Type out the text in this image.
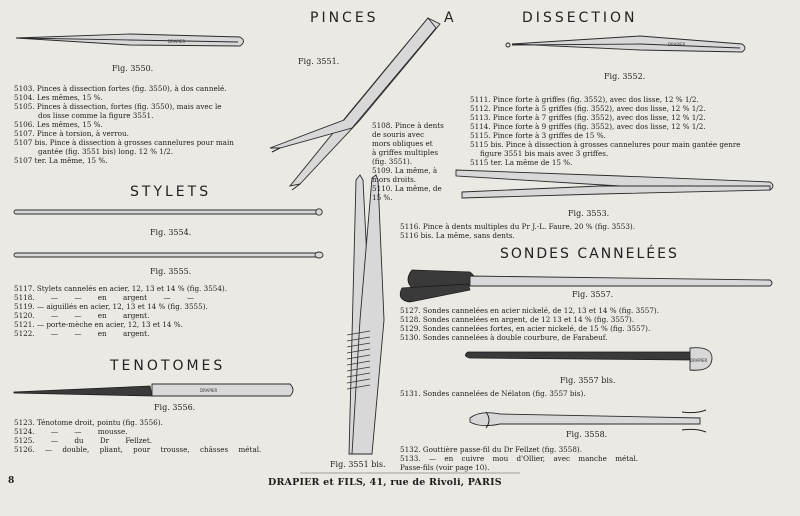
DRAPIER
DRAPIER
DRAPIER
DRAPIER
PINCES A DISSECTION
STYLETS
TENOTOMES
SONDES CANNELÉES
Fig. 3550.
Fig. 3551.
Fig. 3552.
Fig. 3553.
Fig. 3554.
Fig. 3555.
Fig. 3556.
Fig. 3557.
Fig. 3557 bis.
Fig. 3558.
Fig. 3551 bis.
5103. Pinces à dissection fortes (fig. 3550), à dos cannelé.
5104. Les mêmes, 15 %.
5105. Pinces à dissection, fortes (fig. 3550), mais avec le
dos lisse comme la figure 3551.
5106. Les mêmes, 15 %.
5107. Pince à torsion, à verrou.
5107 bis. Pince à dissection à grosses cannelures pour main
gantée (fig. 3551 bis) long. 12 % 1/2.
5107 ter. La même, 15 %.
5108. Pince à dents
de souris avec
mors obliques et
à griffes multiples
(fig. 3551).
5109. La même, à
mors droits.
5110. La même, de
15 %.
5111. Pince forte à griffes (fig. 3552), avec dos lisse, 12 % 1/2.
5112. Pince forte à 5 griffes (fig. 3552), avec dos lisse, 12 % 1/2.
5113. Pince forte à 7 griffes (fig. 3552), avec dos lisse, 12 % 1/2.
5114. Pince forte à 9 griffes (fig. 3552), avec dos lisse, 12 % 1/2.
5115. Pince forte à 3 griffes de 15 %.
5115 bis. Pince à dissection à grosses cannelures pour main gantée genre
figure 3551 bis mais avec 3 griffes.
5115 ter. La même de 15 %.
5116. Pince à dents multiples du Pr J.-L. Faure, 20 % (fig. 3553).
5116 bis. La même, sans dents.
5117. Stylets cannelés en acier, 12, 13 et 14 % (fig. 3554).
5118. — — en argent — —
5119. — aiguillés en acier, 12, 13 et 14 % (fig. 3555).
5120. — — en argent.
5121. — porte-mèche en acier, 12, 13 et 14 %.
5122. — — en argent.
5123. Ténotome droit, pointu (fig. 3556).
5124. — — mousse.
5125. — du Dr Fellzet.
5126. — double, pliant, pour trousse, châsses métal.
5127. Sondes cannelées en acier nickelé, de 12, 13 et 14 % (fig. 3557).
5128. Sondes cannelées en argent, de 12 13 et 14 % (fig. 3557).
5129. Sondes cannelées fortes, en acier nickelé, de 15 % (fig. 3557).
5130. Sondes cannelées à double courbure, de Farabeuf.
5131. Sondes cannelées de Nélaton (fig. 3557 bis).
5132. Gouttière passe-fil du Dr Fellzet (fig. 3558).
5133. — en cuivre mou d'Ollier, avec manche métal.
Passe-fils (voir page 10).
8	DRAPIER et FILS, 41, rue de Rivoli, PARIS
